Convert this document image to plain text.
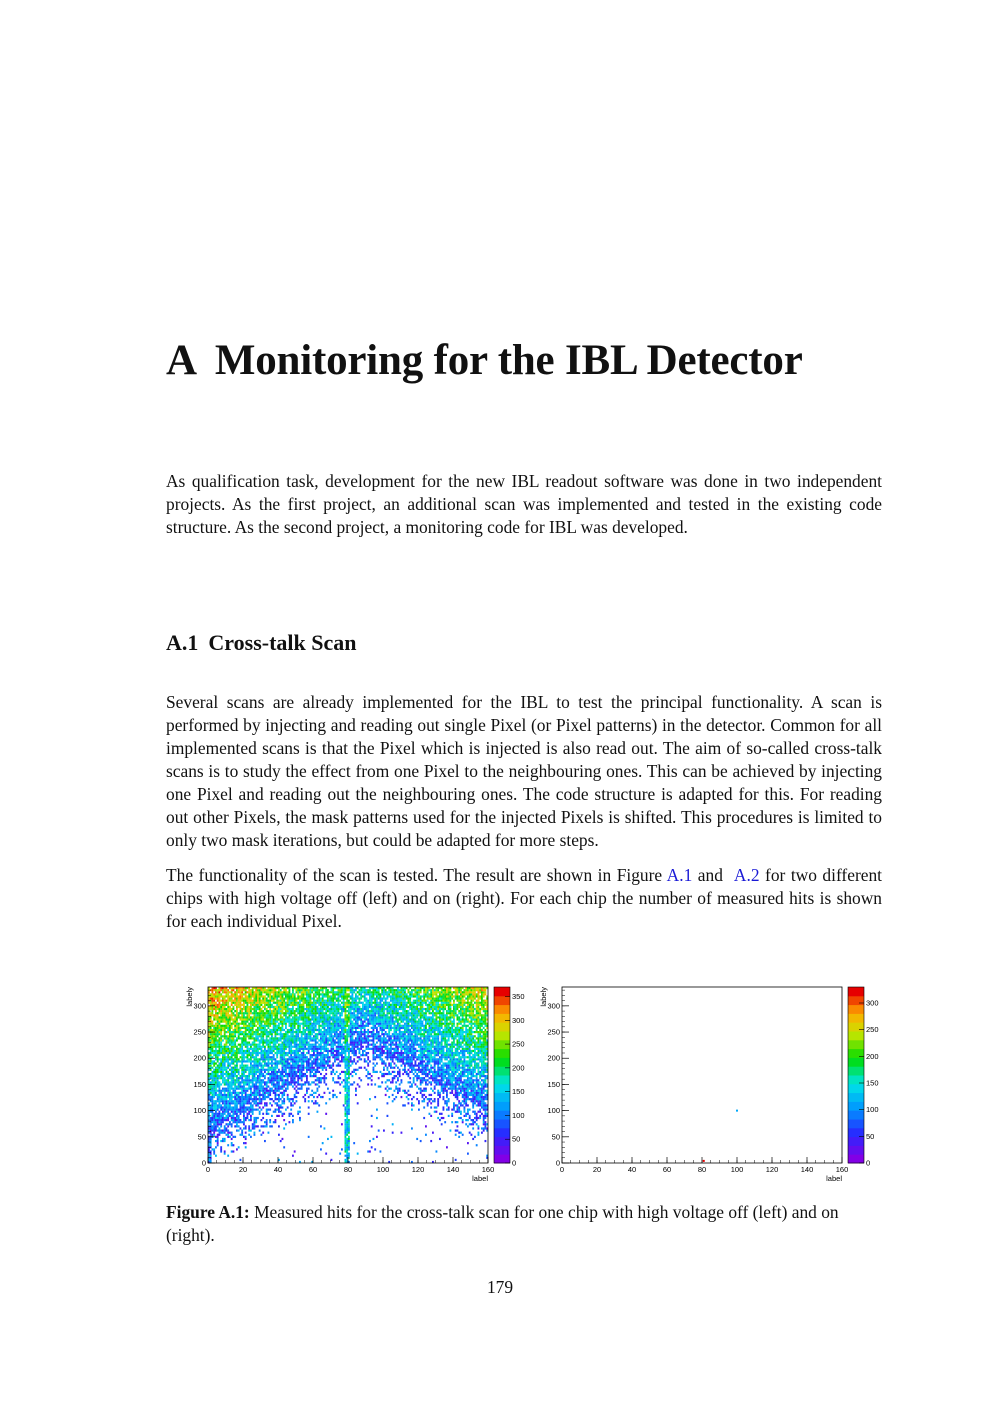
A Monitoring for the IBL Detector

As qualification task, development for the new IBL readout software was done in two independent projects. As the first project, an additional scan was implemented and tested in the existing code structure. As the second project, a monitoring code for IBL was developed.

A.1 Cross-talk Scan

Several scans are already implemented for the IBL to test the principal functionality. A scan is performed by injecting and reading out single Pixel (or Pixel patterns) in the detector. Common for all implemented scans is that the Pixel which is injected is also read out. The aim of so-called cross-talk scans is to study the effect from one Pixel to the neighbouring ones. This can be achieved by injecting one Pixel and reading out the neighbouring ones. The code structure is adapted for this. For reading out other Pixels, the mask patterns used for the injected Pixels is shifted. This procedures is limited to only two mask iterations, but could be adapted for more steps.

The functionality of the scan is tested. The result are shown in Figure A.1 and  A.2 for two different chips with high voltage off (left) and on (right). For each chip the number of measured hits is shown for each individual Pixel.

0	20	40	60	80	100	120	140	160
0
50
100
150
200
250
300
label
labely
0
50
100
150
200
250
300
350
0	20	40	60	80	100	120	140	160
0
50
100
150
200
250
300
label
labely
0
50
100
150
200
250
300

Figure A.1: Measured hits for the cross-talk scan for one chip with high voltage off (left) and on (right).

179
